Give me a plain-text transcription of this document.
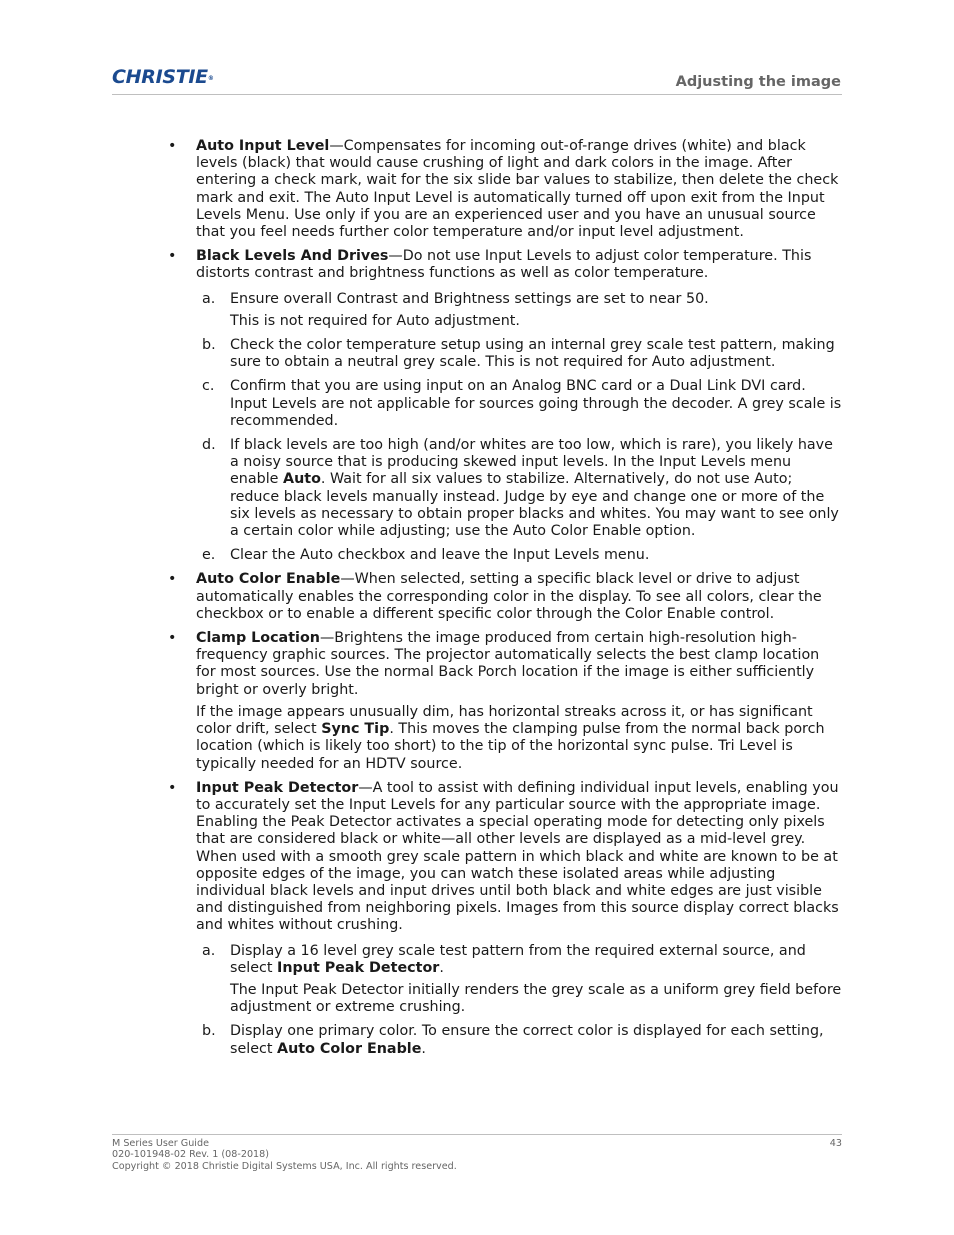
CHRISTIE®	Adjusting the image
• Auto Input Level—Compensates for incoming out-of-range drives (white) and black levels (black) that would cause crushing of light and dark colors in the image. After entering a check mark, wait for the six slide bar values to stabilize, then delete the check mark and exit. The Auto Input Level is automatically turned off upon exit from the Input Levels Menu. Use only if you are an experienced user and you have an unusual source that you feel needs further color temperature and/or input level adjustment.

• Black Levels And Drives—Do not use Input Levels to adjust color temperature. This distorts contrast and brightness functions as well as color temperature.

a. Ensure overall Contrast and Brightness settings are set to near 50.

This is not required for Auto adjustment.

b. Check the color temperature setup using an internal grey scale test pattern, making sure to obtain a neutral grey scale. This is not required for Auto adjustment.

c. Confirm that you are using input on an Analog BNC card or a Dual Link DVI card. Input Levels are not applicable for sources going through the decoder. A grey scale is recommended.

d. If black levels are too high (and/or whites are too low, which is rare), you likely have a noisy source that is producing skewed input levels. In the Input Levels menu enable Auto. Wait for all six values to stabilize. Alternatively, do not use Auto; reduce black levels manually instead. Judge by eye and change one or more of the six levels as necessary to obtain proper blacks and whites. You may want to see only a certain color while adjusting; use the Auto Color Enable option.

e. Clear the Auto checkbox and leave the Input Levels menu.

• Auto Color Enable—When selected, setting a specific black level or drive to adjust automatically enables the corresponding color in the display. To see all colors, clear the checkbox or to enable a different specific color through the Color Enable control.

• Clamp Location—Brightens the image produced from certain high-resolution high-frequency graphic sources. The projector automatically selects the best clamp location for most sources. Use the normal Back Porch location if the image is either sufficiently bright or overly bright.

If the image appears unusually dim, has horizontal streaks across it, or has significant color drift, select Sync Tip. This moves the clamping pulse from the normal back porch location (which is likely too short) to the tip of the horizontal sync pulse. Tri Level is typically needed for an HDTV source.

• Input Peak Detector—A tool to assist with defining individual input levels, enabling you to accurately set the Input Levels for any particular source with the appropriate image. Enabling the Peak Detector activates a special operating mode for detecting only pixels that are considered black or white—all other levels are displayed as a mid-level grey. When used with a smooth grey scale pattern in which black and white are known to be at opposite edges of the image, you can watch these isolated areas while adjusting individual black levels and input drives until both black and white edges are just visible and distinguished from neighboring pixels. Images from this source display correct blacks and whites without crushing.

a. Display a 16 level grey scale test pattern from the required external source, and select Input Peak Detector.

The Input Peak Detector initially renders the grey scale as a uniform grey field before adjustment or extreme crushing.

b. Display one primary color. To ensure the correct color is displayed for each setting, select Auto Color Enable.

M Series User Guide
020-101948-02 Rev. 1 (08-2018)
Copyright © 2018 Christie Digital Systems USA, Inc. All rights reserved.
43
